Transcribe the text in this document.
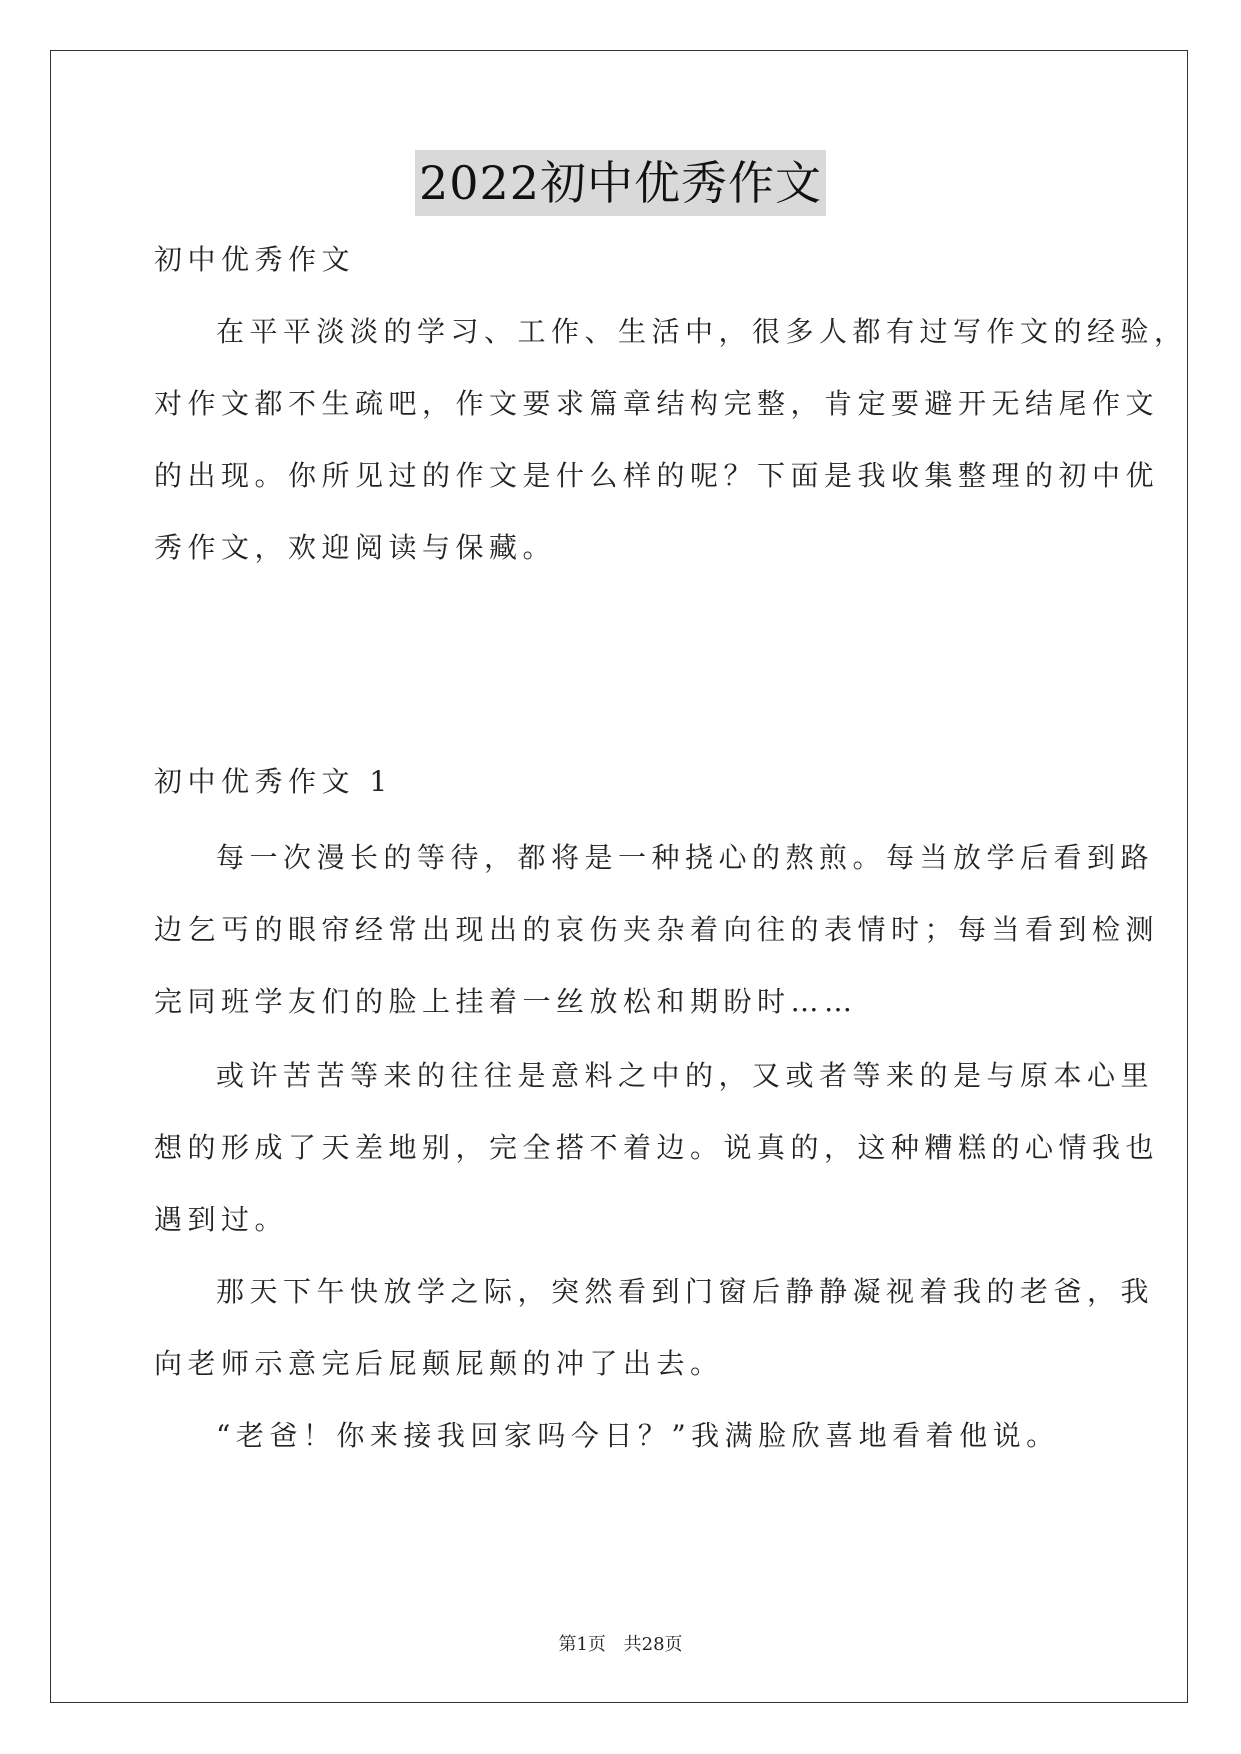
2022初中优秀作文
初中优秀作文
在平平淡淡的学习、工作、生活中，很多人都有过写作文的经验，
对作文都不生疏吧，作文要求篇章结构完整，肯定要避开无结尾作文
的出现。你所见过的作文是什么样的呢？下面是我收集整理的初中优
秀作文，欢迎阅读与保藏。
初中优秀作文 1
每一次漫长的等待，都将是一种挠心的熬煎。每当放学后看到路
边乞丐的眼帘经常出现出的哀伤夹杂着向往的表情时；每当看到检测
完同班学友们的脸上挂着一丝放松和期盼时……
或许苦苦等来的往往是意料之中的，又或者等来的是与原本心里
想的形成了天差地别，完全搭不着边。说真的，这种糟糕的心情我也
遇到过。
那天下午快放学之际，突然看到门窗后静静凝视着我的老爸，我
向老师示意完后屁颠屁颠的冲了出去。
“老爸！你来接我回家吗今日？”我满脸欣喜地看着他说。
第1页 共28页
